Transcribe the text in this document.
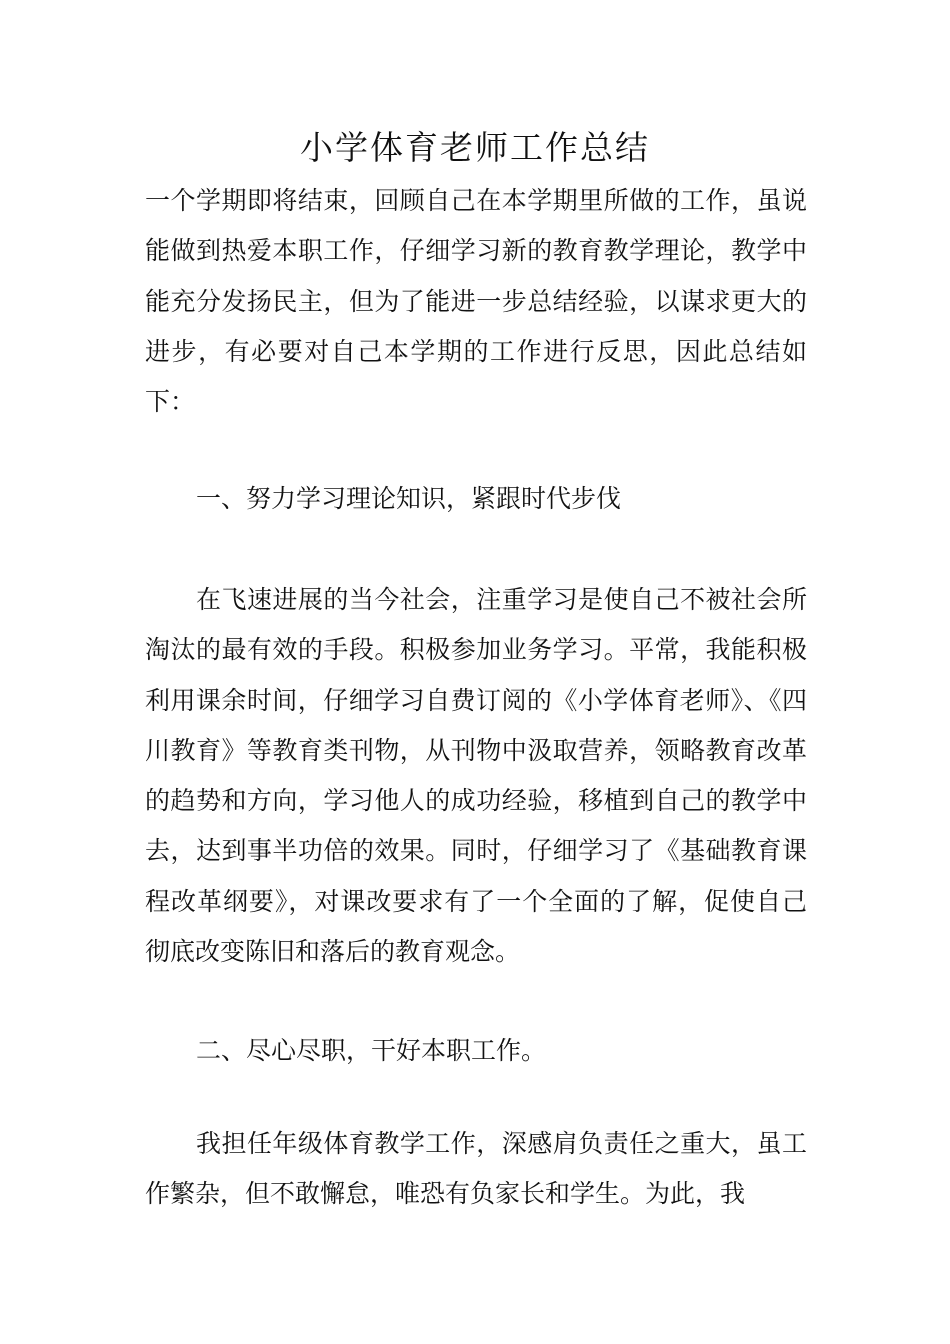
小学体育老师工作总结

一个学期即将结束，回顾自己在本学期里所做的工作，虽说能做到热爱本职工作，仔细学习新的教育教学理论，教学中能充分发扬民主，但为了能进一步总结经验，以谋求更大的进步，有必要对自己本学期的工作进行反思，因此总结如下：

一、努力学习理论知识，紧跟时代步伐

在飞速进展的当今社会，注重学习是使自己不被社会所淘汰的最有效的手段。积极参加业务学习。平常，我能积极利用课余时间，仔细学习自费订阅的《小学体育老师》、《四川教育》等教育类刊物，从刊物中汲取营养，领略教育改革的趋势和方向，学习他人的成功经验，移植到自己的教学中去，达到事半功倍的效果。同时，仔细学习了《基础教育课程改革纲要》，对课改要求有了一个全面的了解，促使自己彻底改变陈旧和落后的教育观念。

二、尽心尽职，干好本职工作。

我担任年级体育教学工作，深感肩负责任之重大，虽工作繁杂，但不敢懈怠，唯恐有负家长和学生。为此，我
